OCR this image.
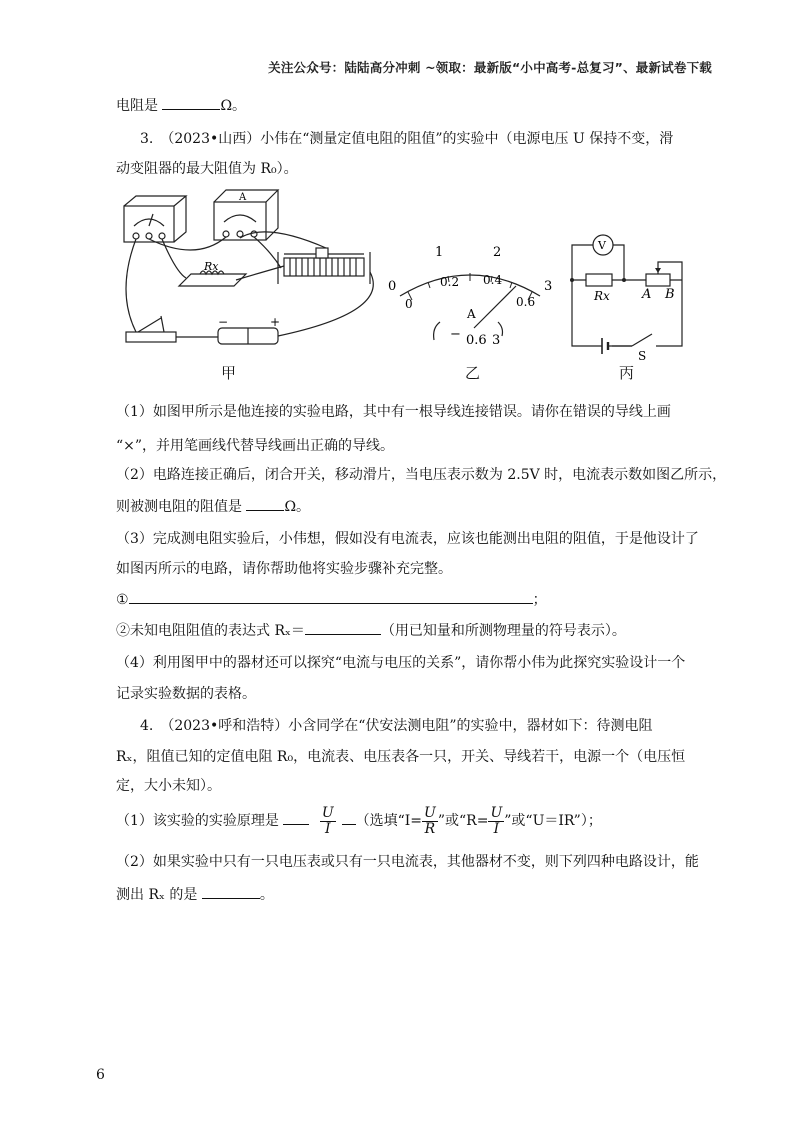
关注公众号：陆陆高分冲刺 ~领取：最新版“小中高考-总复习”、最新试卷下载
电阻是	Ω。
3.　（2023•山西）小伟在“测量定值电阻的阻值”的实验中（电源电压 U 保持不变，滑
动变阻器的最大阻值为 R₀）。
Rx
A
−	+
0
1	2
3
0
0.2 0.4
0.6
A
− 0.6 3
V
Rx A B
S
甲	乙	丙
（1）如图甲所示是他连接的实验电路，其中有一根导线连接错误。请你在错误的导线上画
“×”，并用笔画线代替导线画出正确的导线。
（2）电路连接正确后，闭合开关，移动滑片，当电压表示数为 2.5V 时，电流表示数如图乙所示，
则被测电阻的阻值是	Ω。
（3）完成测电阻实验后，小伟想，假如没有电流表，应该也能测出电阻的阻值，于是他设计了
如图丙所示的电路，请你帮助他将实验步骤补充完整。
①	；
②未知电阻阻值的表达式 Rₓ＝	（用已知量和所测物理量的符号表示）。
（4）利用图甲中的器材还可以探究“电流与电压的关系”，请你帮小伟为此探究实验设计一个
记录实验数据的表格。
4.　（2023•呼和浩特）小含同学在“伏安法测电阻”的实验中，器材如下：待测电阻
Rₓ，阻值已知的定值电阻 R₀，电流表、电压表各一只，开关、导线若干，电源一个（电压恒
定，大小未知）。
（1）该实验的实验原理是	$\frac{U}{I}$ （选填“$I= \frac{U}{R}$ ”或“$R= \frac{U}{I}$ ”或“U＝IR”）；
（2）如果实验中只有一只电压表或只有一只电流表，其他器材不变，则下列四种电路设计，能
测出 Rₓ 的是	。
6
